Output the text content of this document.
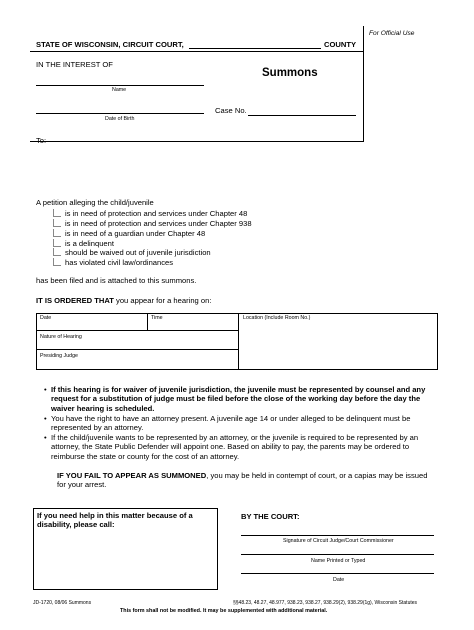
For Official Use
STATE OF WISCONSIN, CIRCUIT COURT,	COUNTY
IN THE INTEREST OF
Summons
Name
Date of Birth
Case No.
To:
A petition alleging the child/juvenile
is in need of protection and services under Chapter 48
is in need of protection and services under Chapter 938
is in need of a guardian under Chapter 48
is a delinquent
should be waived out of juvenile jurisdiction
has violated civil law/ordinances
has been filed and is attached to this summons.
IT IS ORDERED THAT you appear for a hearing on:
Date	Time	Location (Include Room No.)
Nature of Hearing
Presiding Judge
• If this hearing is for waiver of juvenile jurisdiction, the juvenile must be represented by counsel and any
request for a substitution of judge must be filed before the close of the working day before the day the
waiver hearing is scheduled.
• You have the right to have an attorney present. A juvenile age 14 or under alleged to be delinquent must be
represented by an attorney.
• If the child/juvenile wants to be represented by an attorney, or the juvenile is required to be represented by an
attorney, the State Public Defender will appoint one. Based on ability to pay, the parents may be ordered to
reimburse the state or county for the cost of an attorney.
IF YOU FAIL TO APPEAR AS SUMMONED, you may be held in contempt of court, or a capias may be issued
for your arrest.
If you need help in this matter because of a
disability, please call:
BY THE COURT:
Signature of Circuit Judge/Court Commissioner
Name Printed or Typed
Date
JD-1720, 08/06 Summons	§§48.23, 48.27, 48.977, 938.23, 938.27, 938.29(2), 938.29(1g), Wisconsin Statutes
This form shall not be modified. It may be supplemented with additional material.
